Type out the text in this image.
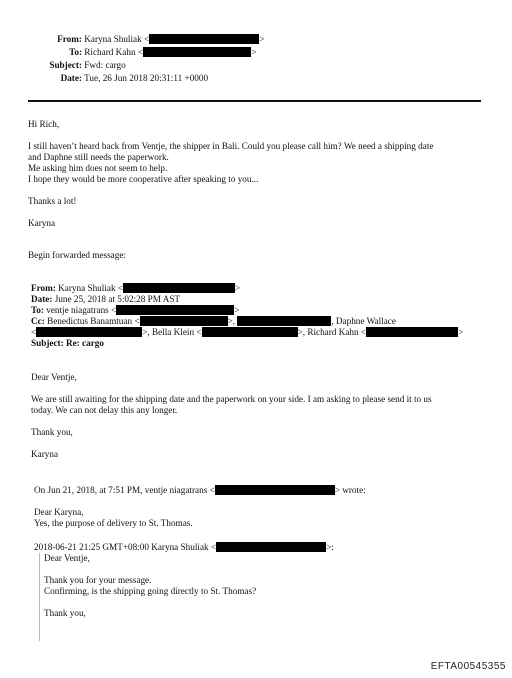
From: Karyna Shuliak <	>
To: Richard Kahn <	>
Subject: Fwd: cargo
Date: Tue, 26 Jun 2018 20:31:11 +0000
Hi Rich,
I still haven’t heard back from Ventje, the shipper in Bali. Could you please call him? We need a shipping date
and Daphne still needs the paperwork.
Me asking him does not seem to help.
I hope they would be more cooperative after speaking to you...
Thanks a lot!
Karyna
Begin forwarded message:
From: Karyna Shuliak <	>
Date: June 25, 2018 at 5:02:28 PM AST
To: ventje niagatrans <	>
Cc: Benedictus Banamtuan <	>,	, Daphne Wallace
<	>, Bella Klein <	>, Richard Kahn <	>
Subject: Re: cargo
Dear Ventje,
We are still awaiting for the shipping date and the paperwork on your side. I am asking to please send it to us
today. We can not delay this any longer.
Thank you,
Karyna
On Jun 21, 2018, at 7:51 PM, ventje niagatrans <	> wrote:
Dear Karyna,
Yes, the purpose of delivery to St. Thomas.
2018-06-21 21:25 GMT+08:00 Karyna Shuliak <	>:
Dear Ventje,
Thank you for your message.
Confirming, is the shipping going directly to St. Thomas?
Thank you,
EFTA00545355
